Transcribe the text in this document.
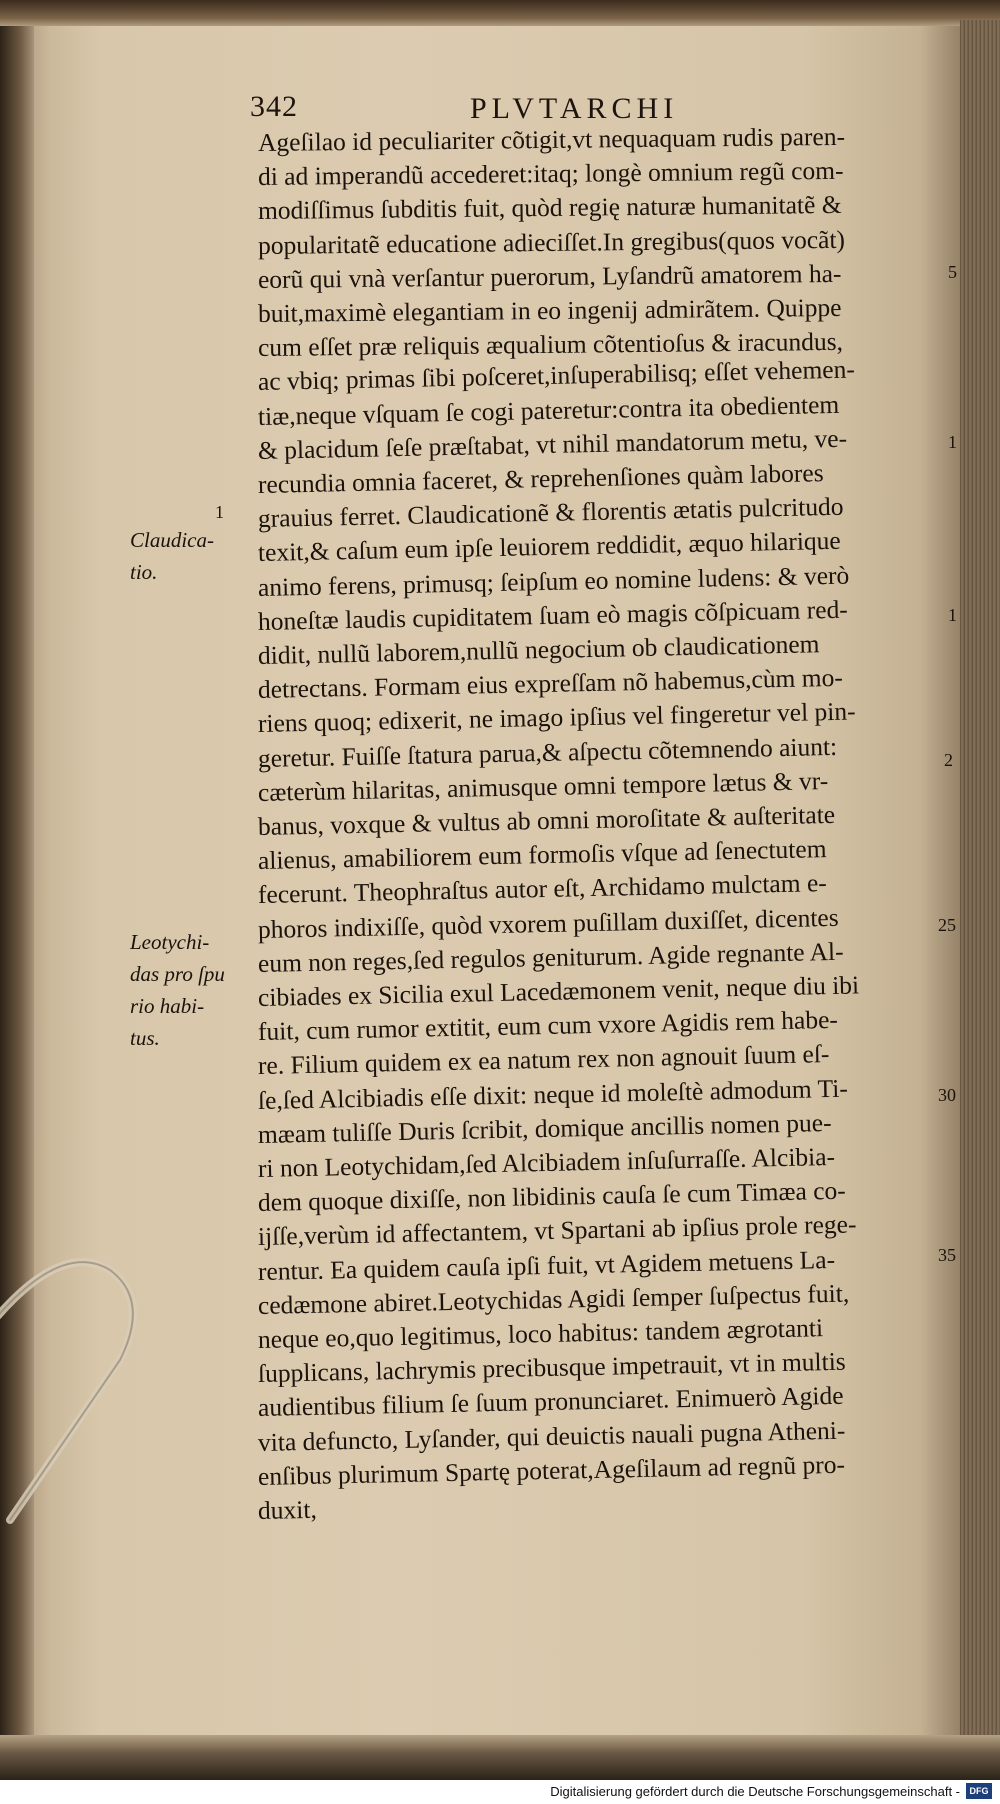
342	PLVTARCHI
Ageſilao id peculiariter cõtigit,vt nequaquam rudis paren-
di ad imperandũ accederet:itaq; longè omnium regũ com-
modiſſimus ſubditis fuit, quòd regię naturæ humanitatẽ &
popularitatẽ educatione adieciſſet.In gregibus(quos vocãt)
eorũ qui vnà verſantur puerorum, Lyſandrũ amatorem ha-
buit,maximè elegantiam in eo ingenij admirãtem. Quippe
cum eſſet præ reliquis æqualium cõtentioſus & iracundus,
ac vbiq; primas ſibi poſceret,inſuperabilisq; eſſet vehemen-
tiæ,neque vſquam ſe cogi pateretur:contra ita obedientem
& placidum ſeſe præſtabat, vt nihil mandatorum metu, ve-
recundia omnia faceret, & reprehenſiones quàm labores
grauius ferret. Claudicationẽ & florentis ætatis pulcritudo
texit,& caſum eum ipſe leuiorem reddidit, æquo hilarique
animo ferens, primusq; ſeipſum eo nomine ludens: & verò
honeſtæ laudis cupiditatem ſuam eò magis cõſpicuam red-
didit, nullũ laborem,nullũ negocium ob claudicationem
detrectans. Formam eius expreſſam nõ habemus,cùm mo-
riens quoq; edixerit, ne imago ipſius vel fingeretur vel pin-
geretur. Fuiſſe ſtatura parua,& aſpectu cõtemnendo aiunt:
cæterùm hilaritas, animusque omni tempore lætus & vr-
banus, voxque & vultus ab omni moroſitate & auſteritate
alienus, amabiliorem eum formoſis vſque ad ſenectutem
fecerunt. Theophraſtus autor eſt, Archidamo mulctam e-
phoros indixiſſe, quòd vxorem puſillam duxiſſet, dicentes
eum non reges,ſed regulos geniturum. Agide regnante Al-
cibiades ex Sicilia exul Lacedæmonem venit, neque diu ibi
fuit, cum rumor extitit, eum cum vxore Agidis rem habe-
re. Filium quidem ex ea natum rex non agnouit ſuum eſ-
ſe,ſed Alcibiadis eſſe dixit: neque id moleſtè admodum Ti-
mæam tuliſſe Duris ſcribit, domique ancillis nomen pue-
ri non Leotychidam,ſed Alcibiadem inſuſurraſſe. Alcibia-
dem quoque dixiſſe, non libidinis cauſa ſe cum Timæa co-
ijſſe,verùm id affectantem, vt Spartani ab ipſius prole rege-
rentur. Ea quidem cauſa ipſi fuit, vt Agidem metuens La-
cedæmone abiret.Leotychidas Agidi ſemper ſuſpectus fuit,
neque eo,quo legitimus, loco habitus: tandem ægrotanti
ſupplicans, lachrymis precibusque impetrauit, vt in multis
audientibus filium ſe ſuum pronunciaret. Enimuerò Agide
vita defuncto, Lyſander, qui deuictis nauali pugna Atheni-
enſibus plurimum Spartę poterat,Ageſilaum ad regnũ pro-
duxit,
1
Claudica-
tio.
Leotychi-
das pro ſpu
rio habi-
tus.
5
1
1
2
25
30
35
Digitalisierung gefördert durch die Deutsche Forschungsgemeinschaft -	DFG
